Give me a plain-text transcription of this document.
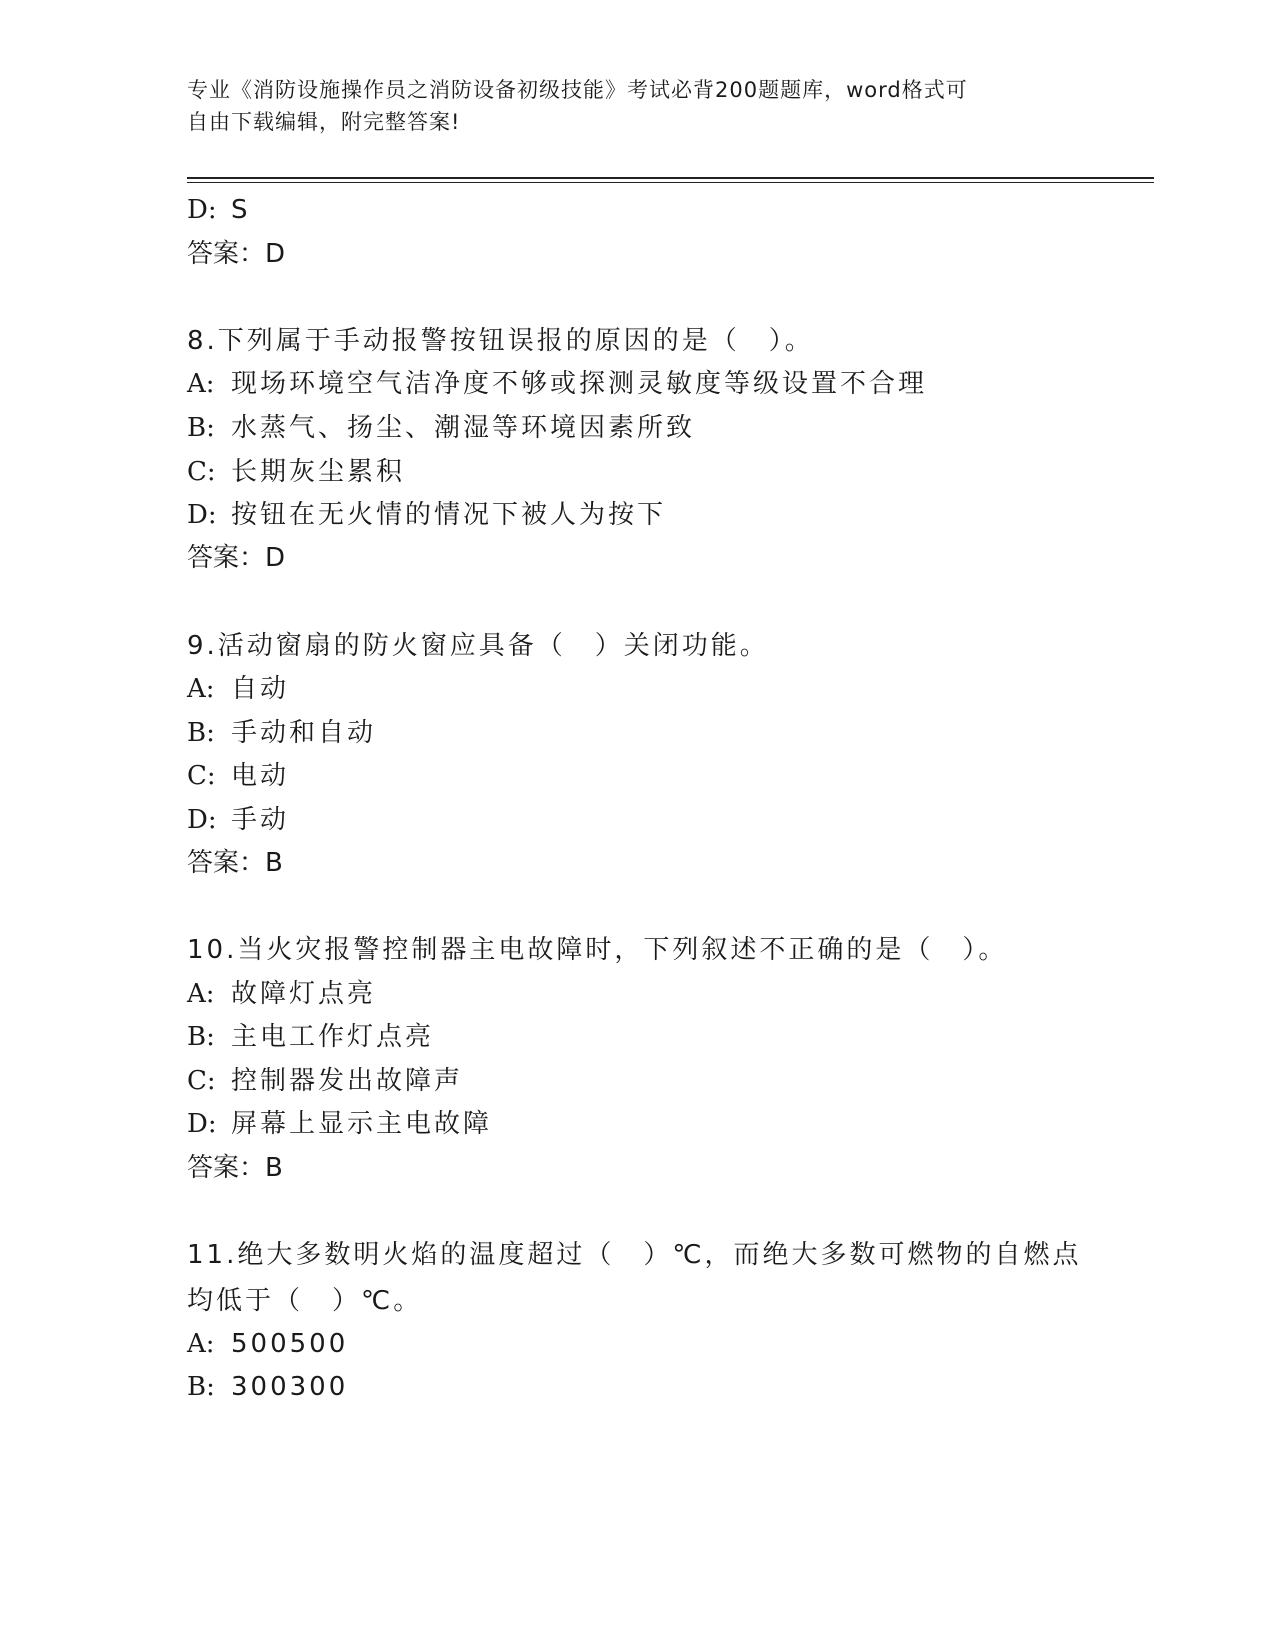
专业《消防设施操作员之消防设备初级技能》考试必背200题题库，word格式可
自由下载编辑，附完整答案!
D: S
答案：D
8.下列属于手动报警按钮误报的原因的是（　）。
A: 现场环境空气洁净度不够或探测灵敏度等级设置不合理
B: 水蒸气、扬尘、潮湿等环境因素所致
C: 长期灰尘累积
D: 按钮在无火情的情况下被人为按下
答案：D
9.活动窗扇的防火窗应具备（　）关闭功能。
A: 自动
B: 手动和自动
C: 电动
D: 手动
答案：B
10.当火灾报警控制器主电故障时，下列叙述不正确的是（　）。
A: 故障灯点亮
B: 主电工作灯点亮
C: 控制器发出故障声
D: 屏幕上显示主电故障
答案：B
11.绝大多数明火焰的温度超过（　）℃，而绝大多数可燃物的自燃点均低于（　）℃。
A: 500500
B: 300300
